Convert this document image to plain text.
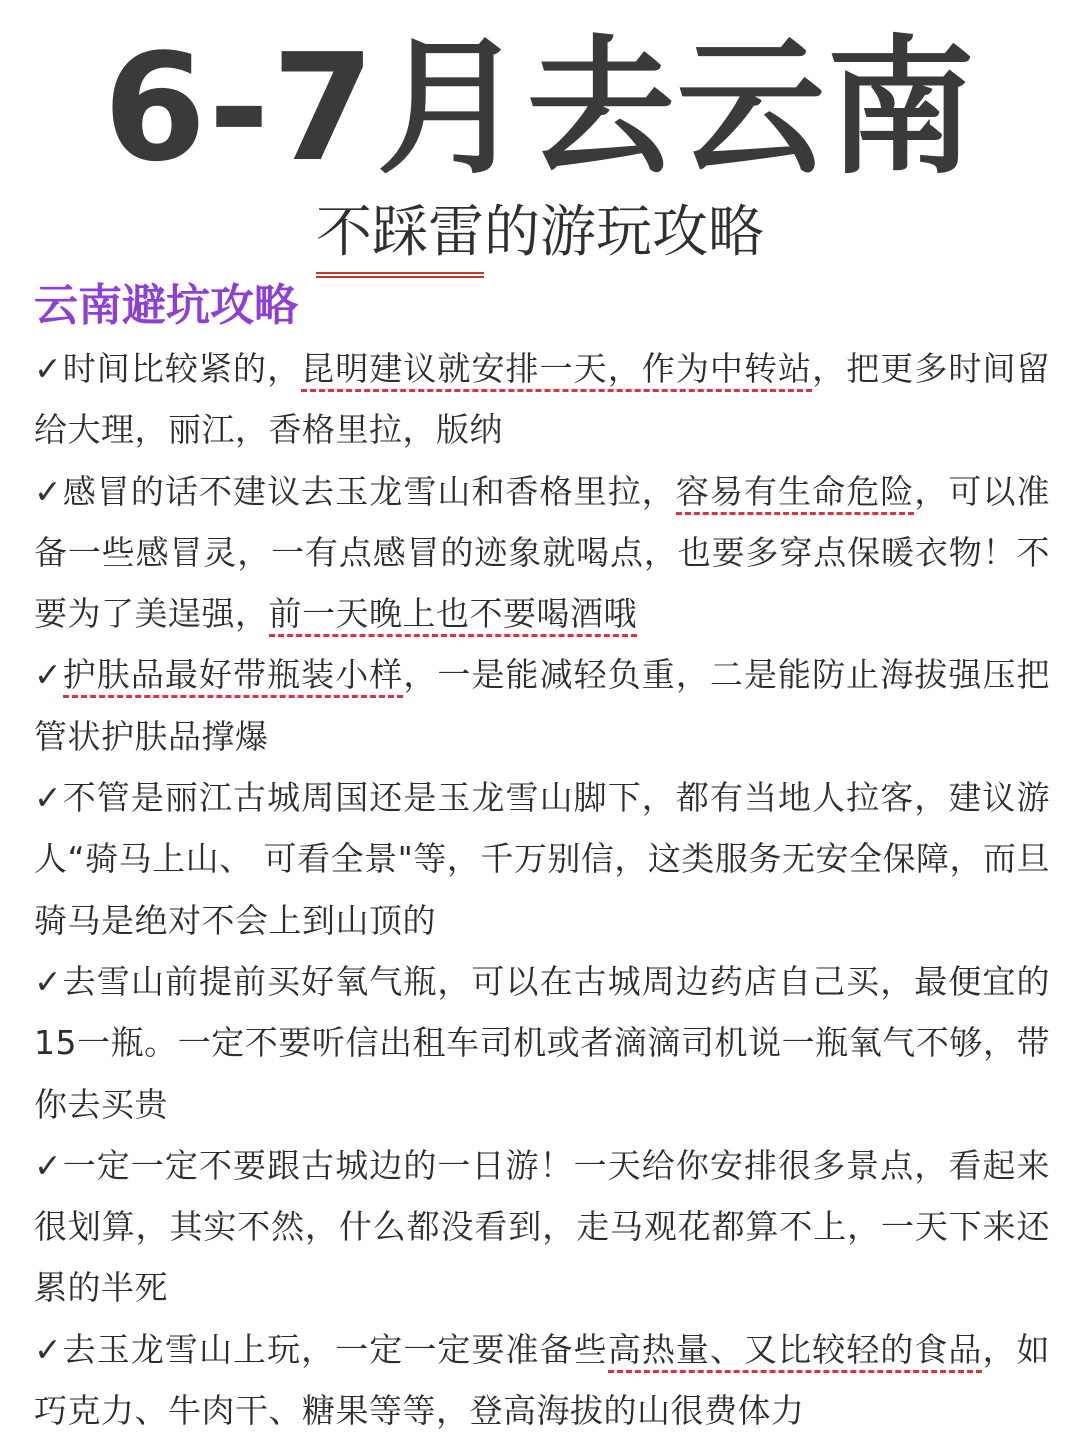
6-7月去云南
不踩雷的游玩攻略
云南避坑攻略
✓时间比较紧的，昆明建议就安排一天，作为中转站，把更多时间留给大理，丽江，香格里拉，版纳
✓感冒的话不建议去玉龙雪山和香格里拉，容易有生命危险，可以准备一些感冒灵，一有点感冒的迹象就喝点，也要多穿点保暖衣物！不要为了美逞强，前一天晚上也不要喝酒哦
✓护肤品最好带瓶装小样，一是能减轻负重，二是能防止海拔强压把管状护肤品撑爆
✓不管是丽江古城周国还是玉龙雪山脚下，都有当地人拉客，建议游人“骑马上山、 可看全景"等，千万别信，这类服务无安全保障，而旦骑马是绝对不会上到山顶的
✓去雪山前提前买好氧气瓶，可以在古城周边药店自己买，最便宜的 15一瓶。一定不要听信出租车司机或者滴滴司机说一瓶氧气不够，带你去买贵
✓一定一定不要跟古城边的一日游！一天给你安排很多景点，看起来很划算，其实不然，什么都没看到，走马观花都算不上，一天下来还累的半死
✓去玉龙雪山上玩，一定一定要准备些高热量、又比较轻的食品，如巧克力、牛肉干、糖果等等，登高海拔的山很费体力
